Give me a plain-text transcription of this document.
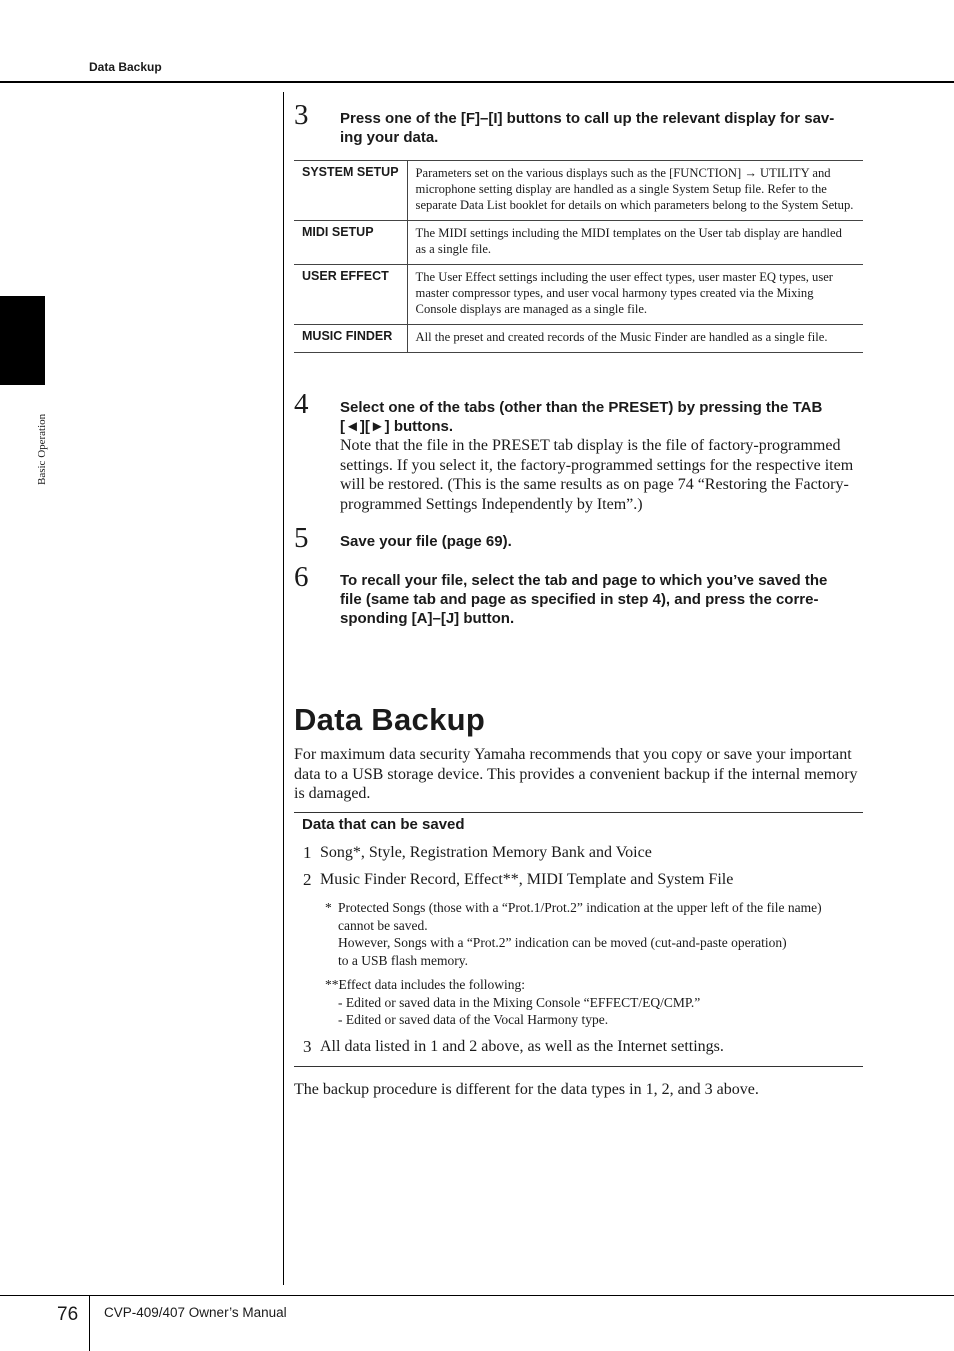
Data Backup
Basic Operation
3 Press one of the [F]–[I] buttons to call up the relevant display for sav-
ing your data.
SYSTEM SETUP	Parameters set on the various displays such as the [FUNCTION] → UTILITY and microphone setting display are handled as a single System Setup file. Refer to the separate Data List booklet for details on which parameters belong to the System Setup.
MIDI SETUP	The MIDI settings including the MIDI templates on the User tab display are handled as a single file.
USER EFFECT	The User Effect settings including the user effect types, user master EQ types, user master compressor types, and user vocal harmony types created via the Mixing Console displays are managed as a single file.
MUSIC FINDER	All the preset and created records of the Music Finder are handled as a single file.
4 Select one of the tabs (other than the PRESET) by pressing the TAB
[◄][►] buttons.
Note that the file in the PRESET tab display is the file of factory-programmed settings. If you select it, the factory-programmed settings for the respective item will be restored. (This is the same results as on page 74 “Restoring the Factory-programmed Settings Independently by Item”.)
5 Save your file (page 69).
6 To recall your file, select the tab and page to which you’ve saved the
file (same tab and page as specified in step 4), and press the corre-
sponding [A]–[J] button.
Data Backup
For maximum data security Yamaha recommends that you copy or save your important data to a USB storage device. This provides a convenient backup if the internal memory is damaged.
Data that can be saved
1 Song*, Style, Registration Memory Bank and Voice
2 Music Finder Record, Effect**, MIDI Template and System File
* Protected Songs (those with a “Prot.1/Prot.2” indication at the upper left of the file name)
cannot be saved.
However, Songs with a “Prot.2” indication can be moved (cut-and-paste operation)
to a USB flash memory.
**Effect data includes the following:
- Edited or saved data in the Mixing Console “EFFECT/EQ/CMP.”
- Edited or saved data of the Vocal Harmony type.
3 All data listed in 1 and 2 above, as well as the Internet settings.
The backup procedure is different for the data types in 1, 2, and 3 above.
76 CVP-409/407 Owner’s Manual
